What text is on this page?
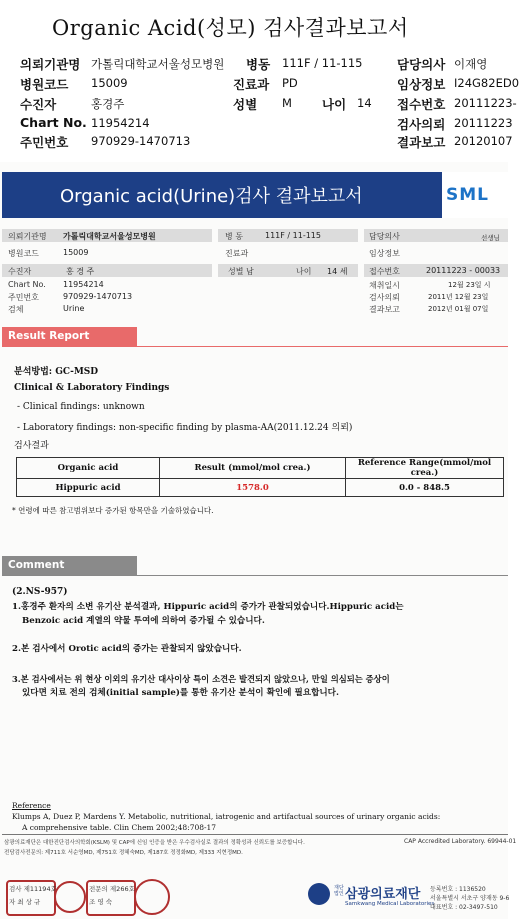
Organic Acid(성모) 검사결과보고서
의뢰기관명 가톨릭대학교서울성모병원 병동 111F / 11-115	담당의사 이재영
병원코드 15009	진료과 PD	임상정보 I24G82ED0
수진자	홍경주	성별 M 나이 14 접수번호 20111223-
Chart No. 11954214	검사의뢰 20111223
주민번호 970929-1470713	결과보고 20120107
Organic acid(Urine)검사 결과보고서	SML
의뢰기관명 가톨릭대학교서울성모병원	병 동	111F / 11-115	담당의사	선생님
병원코드	15009	진료과	임상정보
수진자	홍 경 주	성별 남	나이 14 세	접수번호	20111223 - 00033
Chart No. 11954214	채취일시	12월 23일 시
주민번호	970929-1470713	검사의뢰	2011년 12월 23일
검체	Urine	결과보고	2012년 01월 07일
Result Report
분석방법: GC-MSD
Clinical & Laboratory Findings
- Clinical findings: unknown
- Laboratory findings: non-specific finding by plasma-AA(2011.12.24 의뢰)
검사결과
Organic acid	Result (mmol/mol crea.)	Reference Range(mmol/mol crea.)
Hippuric acid	1578.0	0.0 - 848.5
* 연령에 따른 참고범위보다 증가된 항목만을 기술하였습니다.
Comment
(2.NS-957)
1.홍경주 환자의 소변 유기산 분석결과, Hippuric acid의 증가가 관찰되었습니다.Hippuric acid는
Benzoic acid 계열의 약물 투여에 의하여 증가될 수 있습니다.
2.본 검사에서 Orotic acid의 증가는 관찰되지 않았습니다.
3.본 검사에서는 위 현상 이외의 유기산 대사이상 특이 소견은 발견되지 않았으나, 만일 의심되는 증상이
있다면 치료 전의 검체(initial sample)를 통한 유기산 분석이 확인에 필요합니다.
Reference
Klumps A, Duez P, Mardens Y. Metabolic, nutritional, iatrogenic and artifactual sources of urinary organic acids:
A comprehensive table. Clin Chem 2002;48:708-17
삼광의료재단은 대한진단검사의학회(KSLM) 및 CAP에 신임 인증을 받은 우수검사실로 결과의 정확성과 신뢰도를 보증합니다.
전담검사전문의: 제711호 서순영MD, 제751호 정혜숙MD, 제187호 정정화MD, 제333 지현정MD.
CAP Accredited Laboratory. 69944-01
검사 제11194호
자 최 상 규
전문의 제266호
조 영 숙
재단법인 삼광의료재단
Samkwang Medical Laboratories
등록번호 : 1136520
서울특별시 서초구 양재동 9-6
대표번호 : 02-3497-510
